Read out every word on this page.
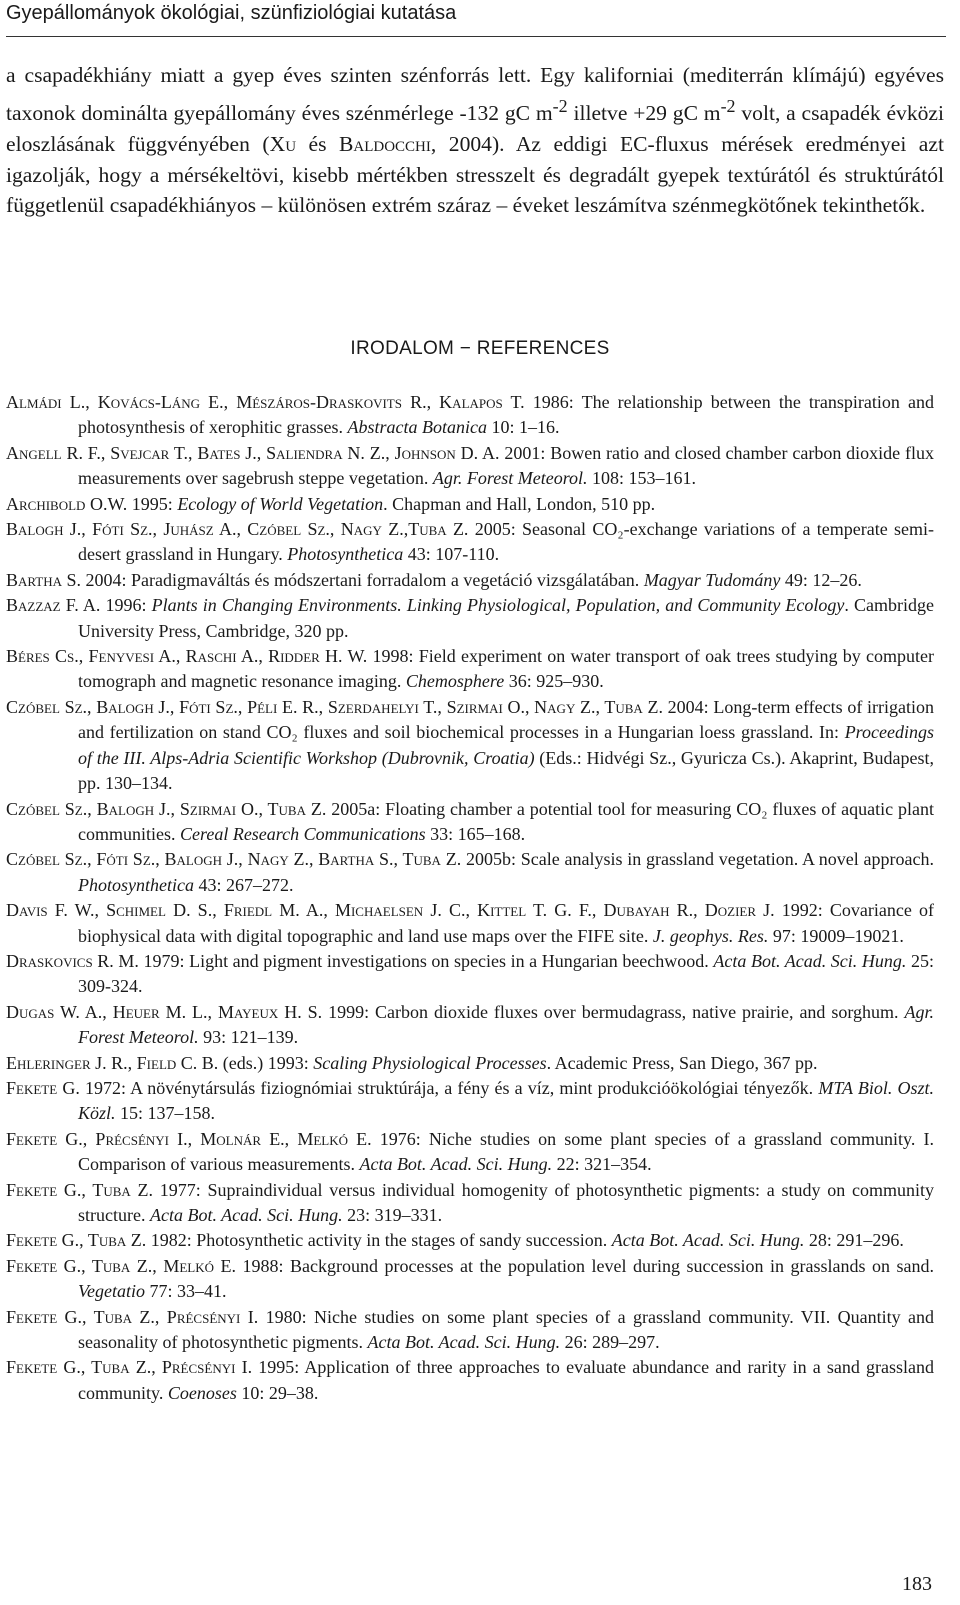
Gyepállományok ökológiai, szünfiziológiai kutatása

a csapadékhiány miatt a gyep éves szinten szénforrás lett. Egy kaliforniai (mediterrán klímájú) egyéves taxonok dominálta gyepállomány éves szénmérlege -132 gC $m^{-2}$ illetve +29 gC $m^{-2}$ volt, a csapadék évközi eloszlásának függvényében (Xu és Baldocchi, 2004). Az eddigi EC-fluxus mérések eredményei azt igazolják, hogy a mérsékeltövi, kisebb mértékben stresszelt és degradált gyepek textúrától és struktúrától függetlenül csapadékhiányos – különösen extrém száraz – éveket leszámítva szénmegkötőnek tekinthetők.

IRODALOM − REFERENCES

Almádi L., Kovács-Láng E., Mészáros-Draskovits R., Kalapos T. 1986: The relationship between the transpiration and photosynthesis of xerophitic grasses. Abstracta Botanica 10: 1–16.

Angell R. F., Svejcar T., Bates J., Saliendra N. Z., Johnson D. A. 2001: Bowen ratio and closed chamber carbon dioxide flux measurements over sagebrush steppe vegetation. Agr. Forest Meteorol. 108: 153–161.

Archibold O.W. 1995: Ecology of World Vegetation. Chapman and Hall, London, 510 pp.

Balogh J., Fóti Sz., Juhász A., Czóbel Sz., Nagy Z.,Tuba Z. 2005: Seasonal CO₂-exchange variations of a temperate semi-desert grassland in Hungary. Photosynthetica 43: 107-110.

Bartha S. 2004: Paradigmaváltás és módszertani forradalom a vegetáció vizsgálatában. Magyar Tudomány 49: 12–26.

Bazzaz F. A. 1996: Plants in Changing Environments. Linking Physiological, Population, and Community Ecology. Cambridge University Press, Cambridge, 320 pp.

Béres Cs., Fenyvesi A., Raschi A., Ridder H. W. 1998: Field experiment on water transport of oak trees studying by computer tomograph and magnetic resonance imaging. Chemosphere 36: 925–930.

Czóbel Sz., Balogh J., Fóti Sz., Péli E. R., Szerdahelyi T., Szirmai O., Nagy Z., Tuba Z. 2004: Long-term effects of irrigation and fertilization on stand CO₂ fluxes and soil biochemical processes in a Hungarian loess grassland. In: Proceedings of the III. Alps-Adria Scientific Workshop (Dubrovnik, Croatia) (Eds.: Hidvégi Sz., Gyuricza Cs.). Akaprint, Budapest, pp. 130–134.

Czóbel Sz., Balogh J., Szirmai O., Tuba Z. 2005a: Floating chamber a potential tool for measuring CO₂ fluxes of aquatic plant communities. Cereal Research Communications 33: 165–168.

Czóbel Sz., Fóti Sz., Balogh J., Nagy Z., Bartha S., Tuba Z. 2005b: Scale analysis in grassland vegetation. A novel approach. Photosynthetica 43: 267–272.

Davis F. W., Schimel D. S., Friedl M. A., Michaelsen J. C., Kittel T. G. F., Dubayah R., Dozier J. 1992: Covariance of biophysical data with digital topographic and land use maps over the FIFE site. J. geophys. Res. 97: 19009–19021.

Draskovics R. M. 1979: Light and pigment investigations on species in a Hungarian beechwood. Acta Bot. Acad. Sci. Hung. 25: 309-324.

Dugas W. A., Heuer M. L., Mayeux H. S. 1999: Carbon dioxide fluxes over bermudagrass, native prairie, and sorghum. Agr. Forest Meteorol. 93: 121–139.

Ehleringer J. R., Field C. B. (eds.) 1993: Scaling Physiological Processes. Academic Press, San Diego, 367 pp.

Fekete G. 1972: A növénytársulás fiziognómiai struktúrája, a fény és a víz, mint produkcióökológiai tényezők. MTA Biol. Oszt. Közl. 15: 137–158.

Fekete G., Précsényi I., Molnár E., Melkó E. 1976: Niche studies on some plant species of a grassland community. I. Comparison of various measurements. Acta Bot. Acad. Sci. Hung. 22: 321–354.

Fekete G., Tuba Z. 1977: Supraindividual versus individual homogenity of photosynthetic pigments: a study on community structure. Acta Bot. Acad. Sci. Hung. 23: 319–331.

Fekete G., Tuba Z. 1982: Photosynthetic activity in the stages of sandy succession. Acta Bot. Acad. Sci. Hung. 28: 291–296.

Fekete G., Tuba Z., Melkó E. 1988: Background processes at the population level during succession in grasslands on sand. Vegetatio 77: 33–41.

Fekete G., Tuba Z., Précsényi I. 1980: Niche studies on some plant species of a grassland community. VII. Quantity and seasonality of photosynthetic pigments. Acta Bot. Acad. Sci. Hung. 26: 289–297.

Fekete G., Tuba Z., Précsényi I. 1995: Application of three approaches to evaluate abundance and rarity in a sand grassland community. Coenoses 10: 29–38.

183
